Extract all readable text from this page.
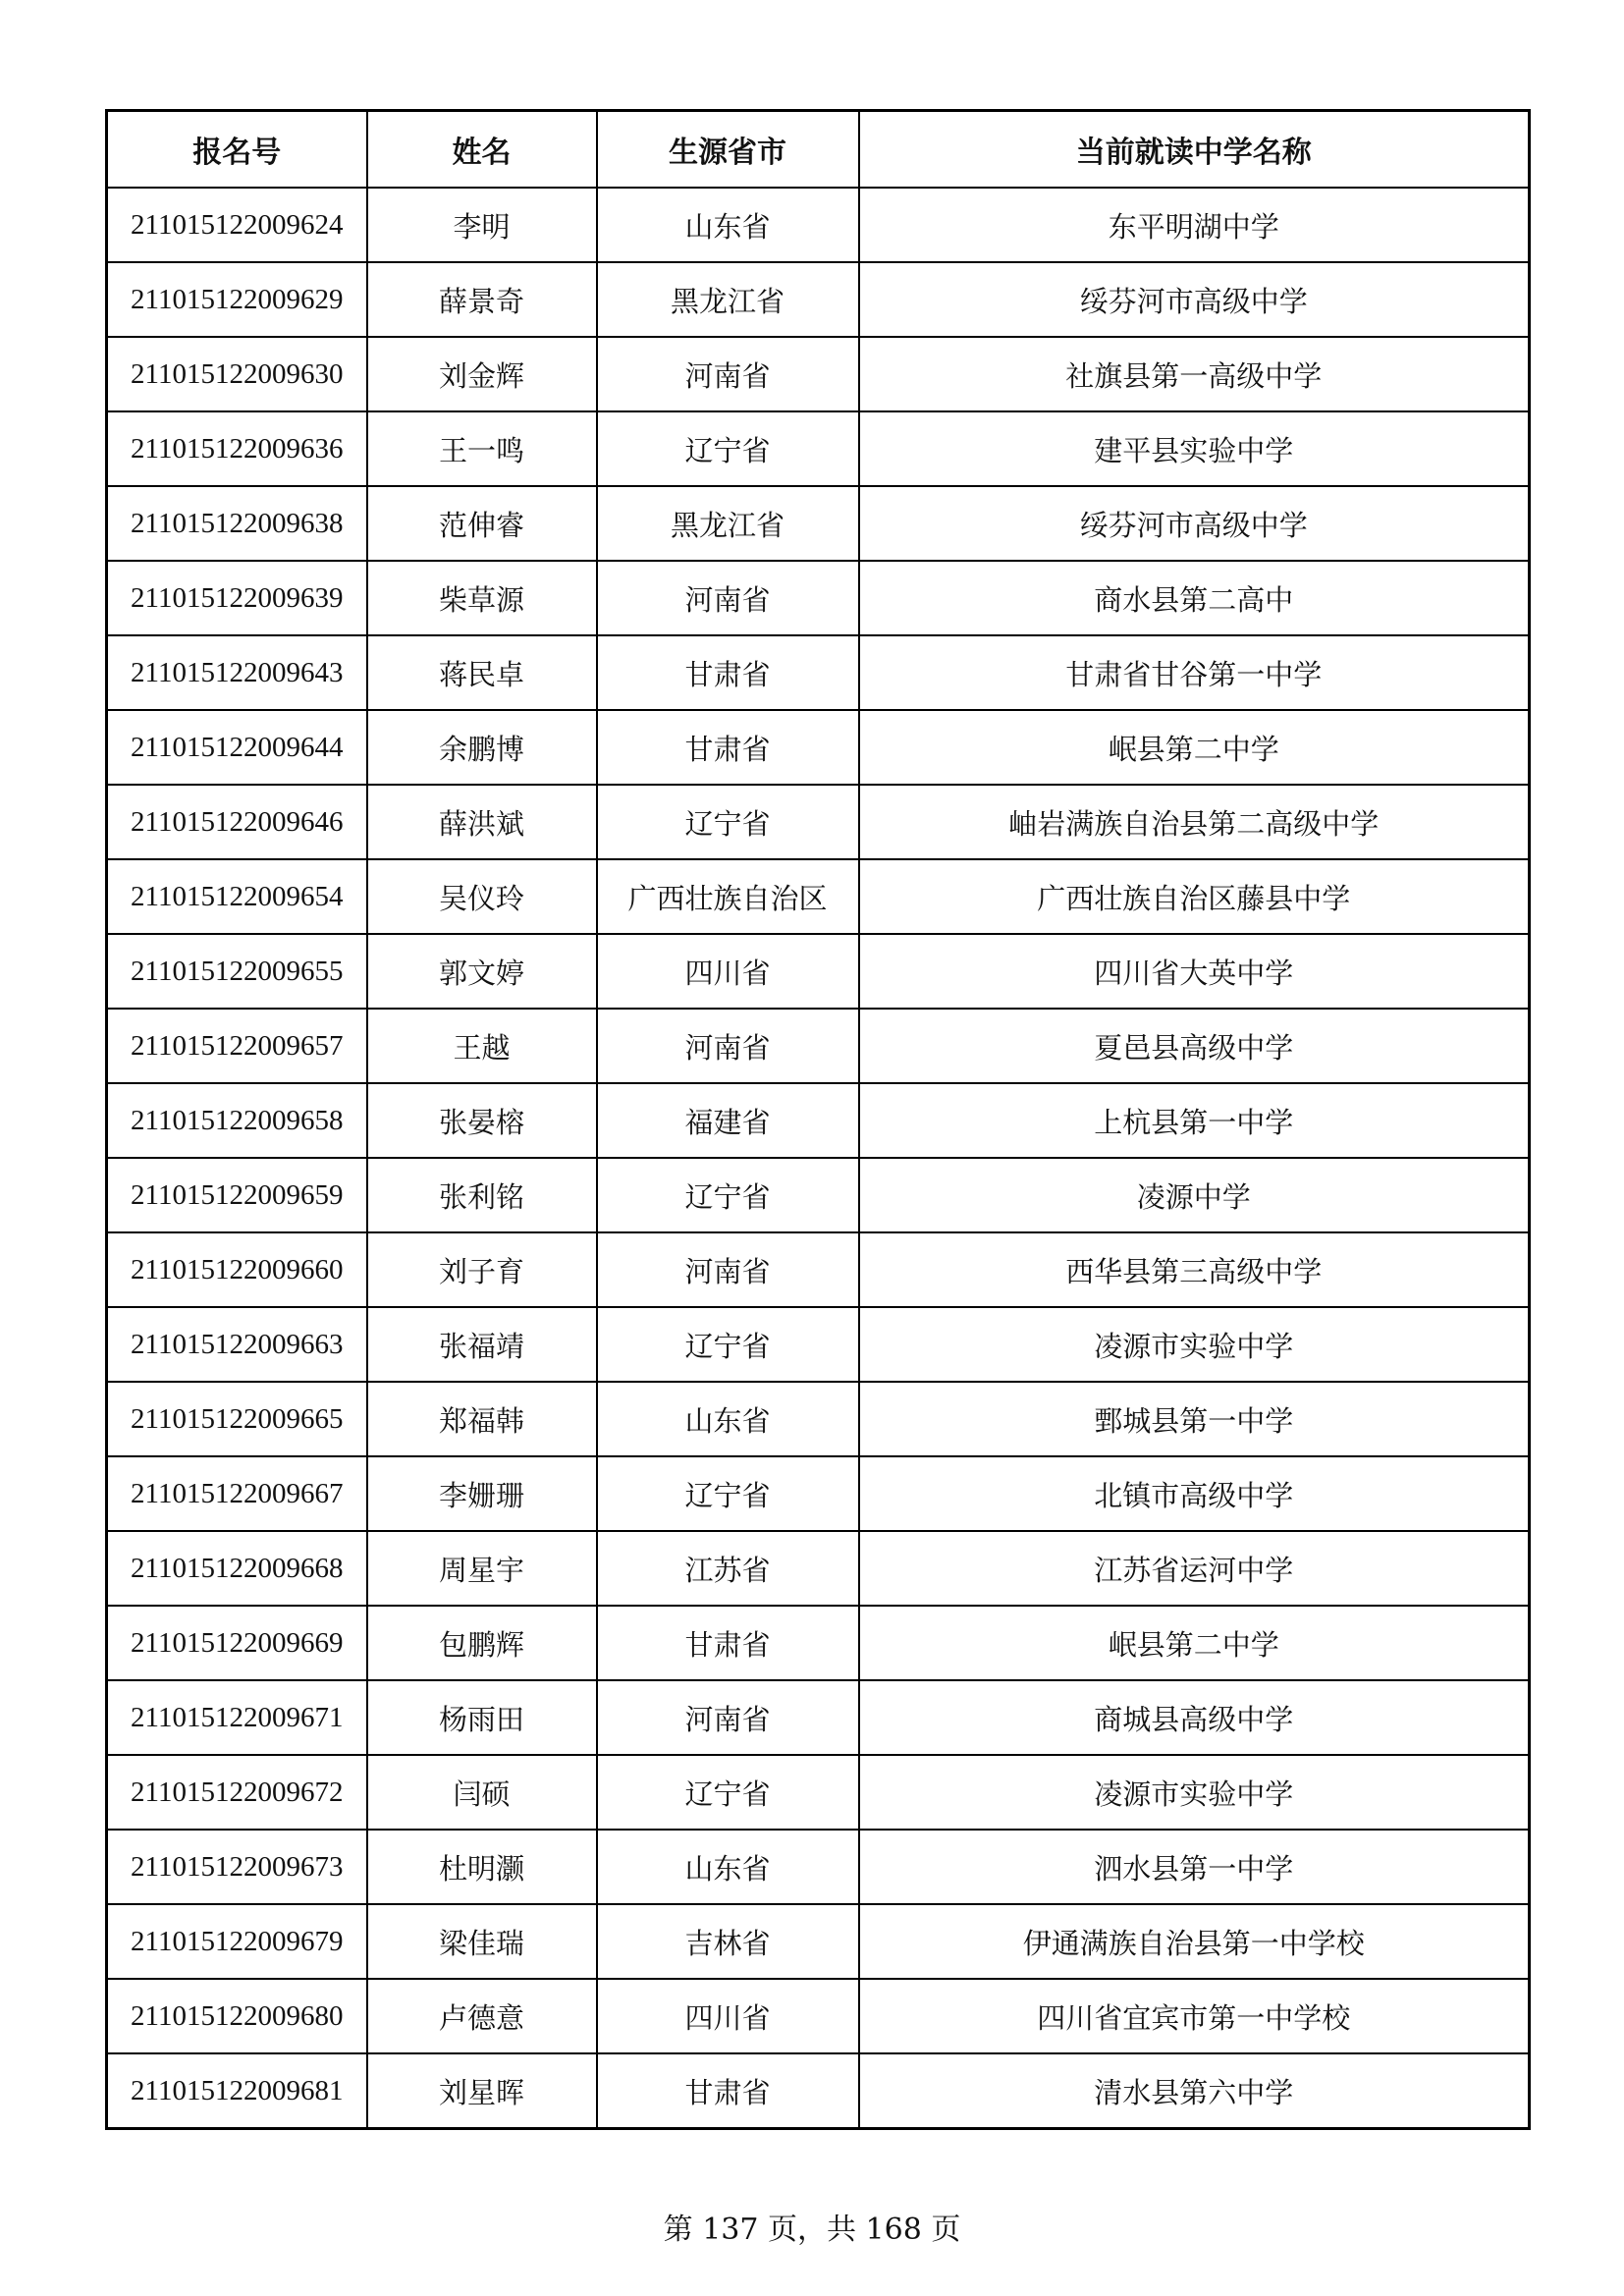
报名号	姓名	生源省市	当前就读中学名称
211015122009624	李明	山东省	东平明湖中学
211015122009629	薛景奇	黑龙江省	绥芬河市高级中学
211015122009630	刘金辉	河南省	社旗县第一高级中学
211015122009636	王一鸣	辽宁省	建平县实验中学
211015122009638	范伸睿	黑龙江省	绥芬河市高级中学
211015122009639	柴草源	河南省	商水县第二高中
211015122009643	蒋民卓	甘肃省	甘肃省甘谷第一中学
211015122009644	余鹏博	甘肃省	岷县第二中学
211015122009646	薛洪斌	辽宁省	岫岩满族自治县第二高级中学
211015122009654	吴仪玲	广西壮族自治区	广西壮族自治区藤县中学
211015122009655	郭文婷	四川省	四川省大英中学
211015122009657	王越	河南省	夏邑县高级中学
211015122009658	张晏榕	福建省	上杭县第一中学
211015122009659	张利铭	辽宁省	凌源中学
211015122009660	刘子育	河南省	西华县第三高级中学
211015122009663	张福靖	辽宁省	凌源市实验中学
211015122009665	郑福韩	山东省	鄄城县第一中学
211015122009667	李姗珊	辽宁省	北镇市高级中学
211015122009668	周星宇	江苏省	江苏省运河中学
211015122009669	包鹏辉	甘肃省	岷县第二中学
211015122009671	杨雨田	河南省	商城县高级中学
211015122009672	闫硕	辽宁省	凌源市实验中学
211015122009673	杜明灏	山东省	泗水县第一中学
211015122009679	梁佳瑞	吉林省	伊通满族自治县第一中学校
211015122009680	卢德意	四川省	四川省宜宾市第一中学校
211015122009681	刘星晖	甘肃省	清水县第六中学
第 137 页，共 168 页
